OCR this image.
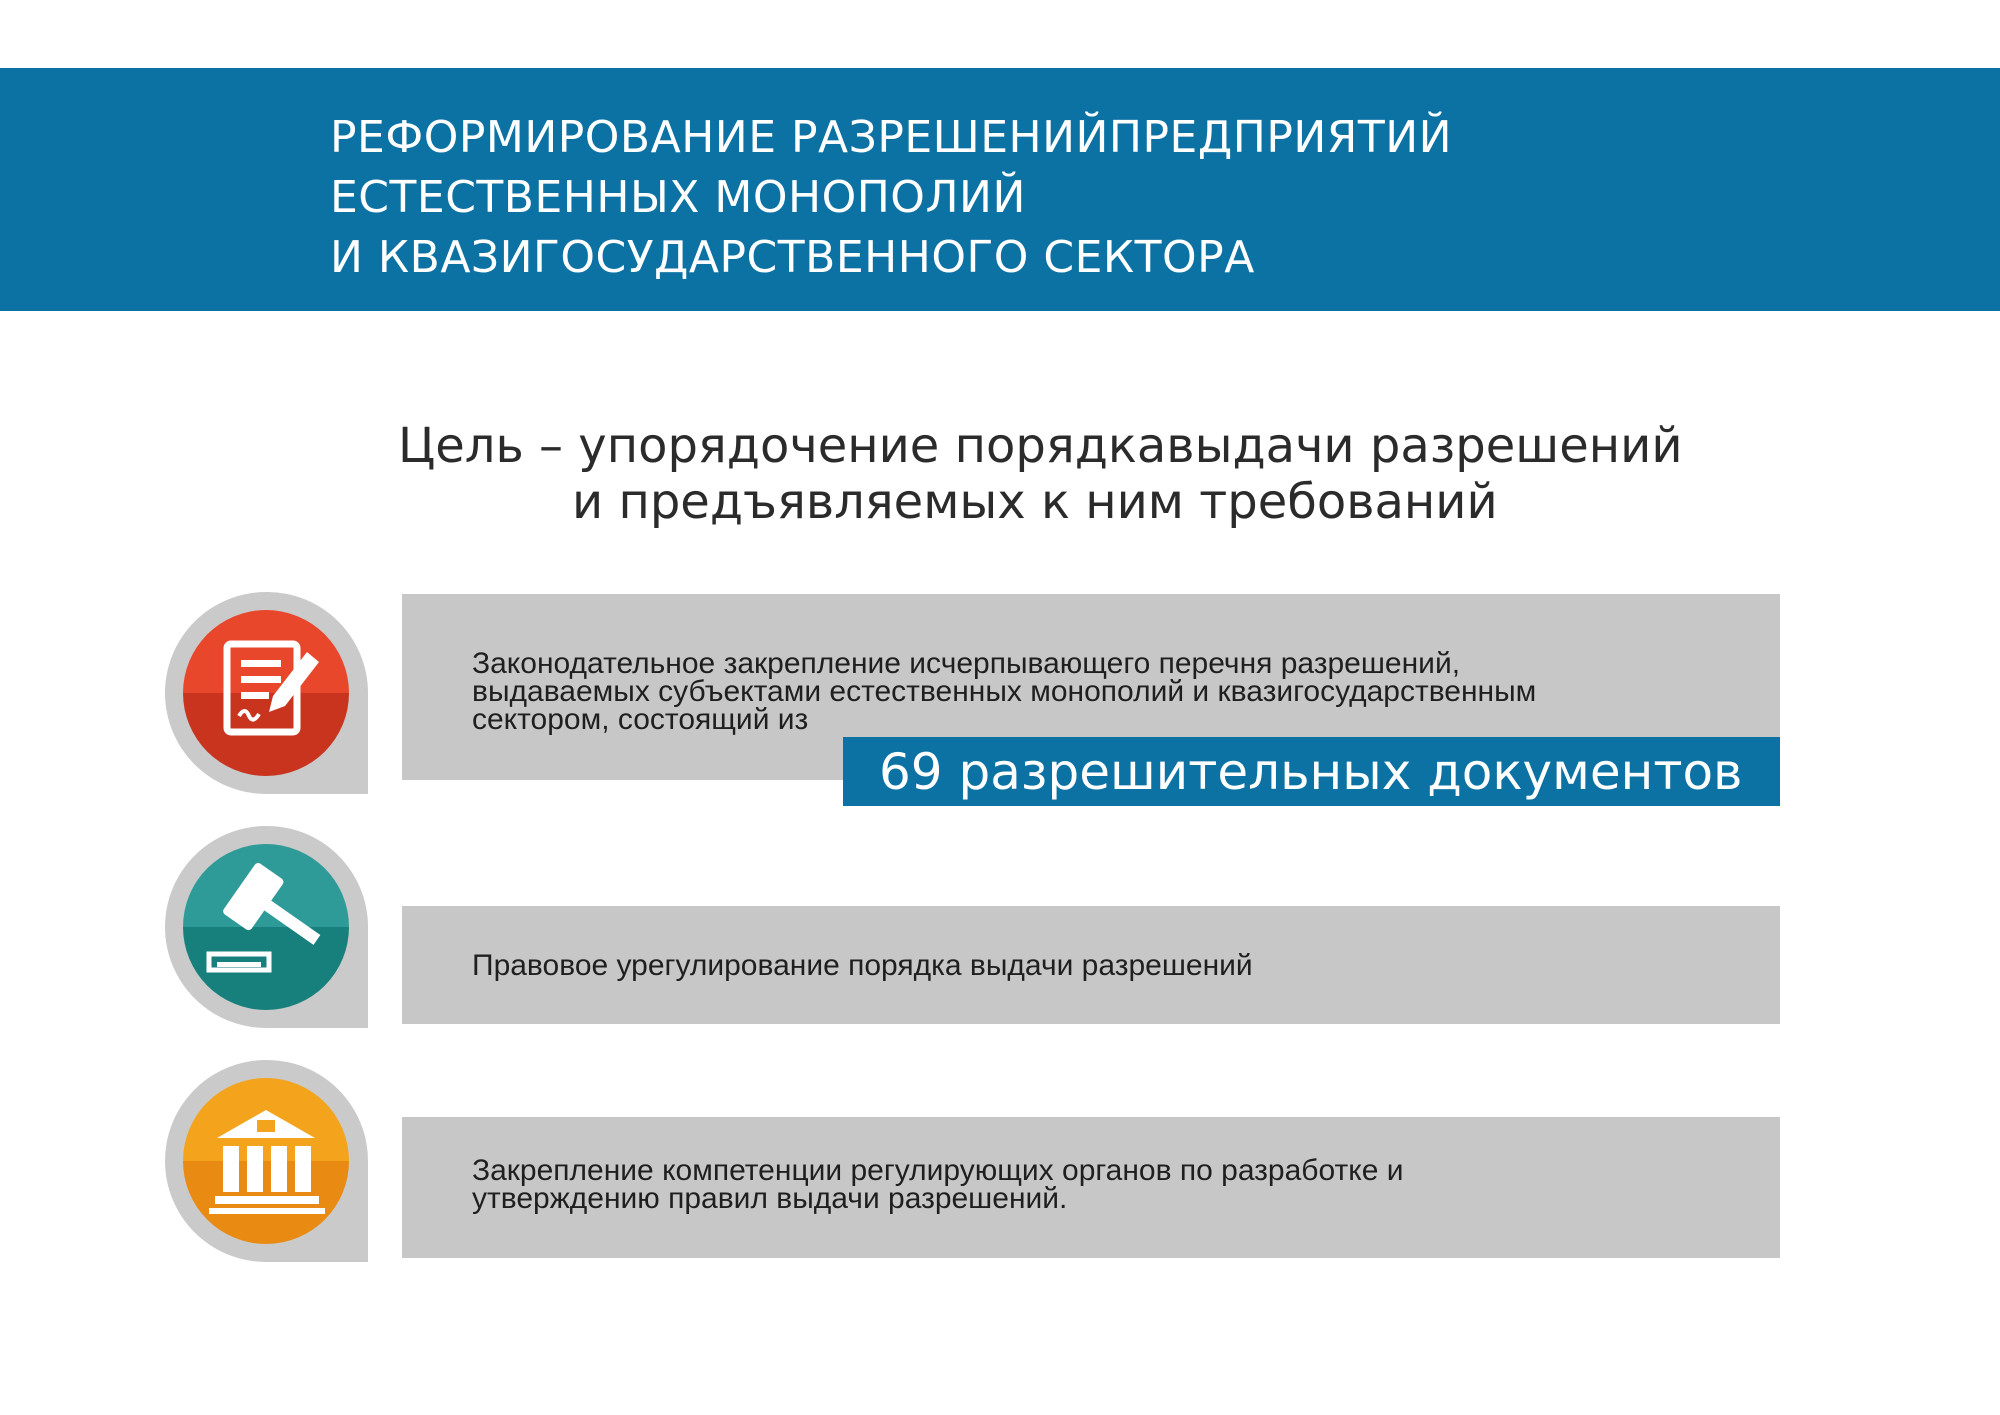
РЕФОРМИРОВАНИЕ РАЗРЕШЕНИЙПРЕДПРИЯТИЙ
ЕСТЕСТВЕННЫХ МОНОПОЛИЙ
И КВАЗИГОСУДАРСТВЕННОГО СЕКТОРА
Цель – упорядочение порядкавыдачи разрешений
и предъявляемых к ним требований
Законодательное закрепление исчерпывающего перечня разрешений,
выдаваемых субъектами естественных монополий и квазигосударственным
сектором, состоящий из
69 разрешительных документов
Правовое урегулирование порядка выдачи разрешений
Закрепление компетенции регулирующих органов по разработке и
утверждению правил выдачи разрешений.
